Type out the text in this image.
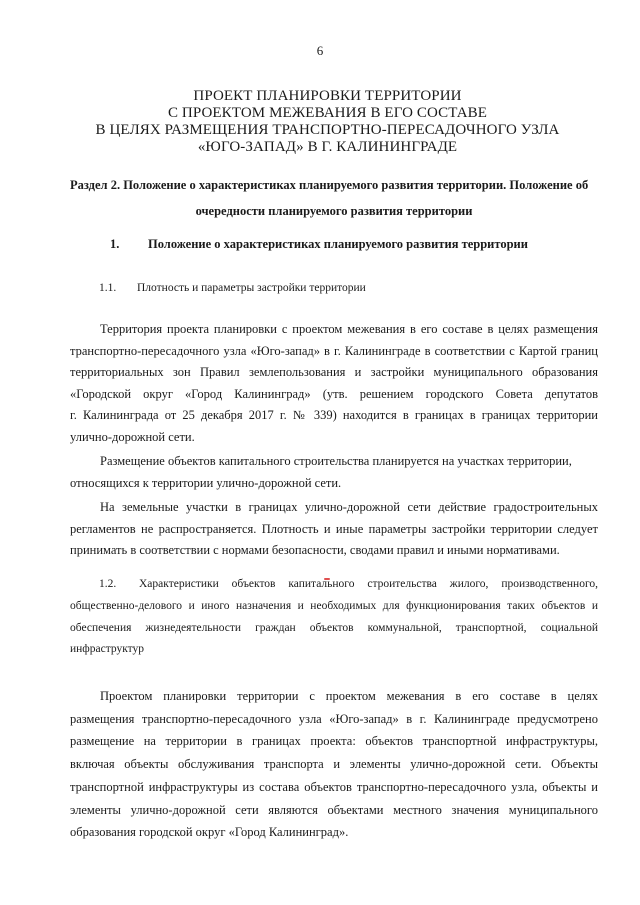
6
ПРОЕКТ ПЛАНИРОВКИ ТЕРРИТОРИИ
С ПРОЕКТОМ МЕЖЕВАНИЯ В ЕГО СОСТАВЕ
В ЦЕЛЯХ РАЗМЕЩЕНИЯ ТРАНСПОРТНО-ПЕРЕСАДОЧНОГО УЗЛА
«ЮГО-ЗАПАД» В Г. КАЛИНИНГРАДЕ
Раздел 2. Положение о характеристиках планируемого развития территории. Положение об
очередности планируемого развития территории
1. Положение о характеристиках планируемого развития территории
1.1. Плотность и параметры застройки территории
Территория проекта планировки с проектом межевания в его составе в целях размещения
транспортно-пересадочного узла «Юго-запад» в г. Калининграде в соответствии с Картой границ
территориальных зон Правил землепользования и застройки муниципального образования
«Городской округ «Город Калининград» (утв. решением городского Совета депутатов
г. Калининграда от 25 декабря 2017 г. № 339) находится в границах в границах территории
улично-дорожной сети.
Размещение объектов капитального строительства планируется на участках территории,
относящихся к территории улично-дорожной сети.
На земельные участки в границах улично-дорожной сети действие градостроительных
регламентов не распространяется. Плотность и иные параметры застройки территории следует
принимать в соответствии с нормами безопасности, сводами правил и иными нормативами.
1.2.	Характеристики объектов капитального строительства жилого, производственного,
общественно-делового и иного назначения и необходимых для функционирования таких объектов и
обеспечения жизнедеятельности граждан объектов коммунальной, транспортной, социальной
инфраструктур
Проектом планировки территории с проектом межевания в его составе в целях
размещения транспортно-пересадочного узла «Юго-запад» в г. Калининграде предусмотрено
размещение на территории в границах проекта: объектов транспортной инфраструктуры,
включая объекты обслуживания транспорта и элементы улично-дорожной сети. Объекты
транспортной инфраструктуры из состава объектов транспортно-пересадочного узла, объекты и
элементы улично-дорожной сети являются объектами местного значения муниципального
образования городской округ «Город Калининград».
